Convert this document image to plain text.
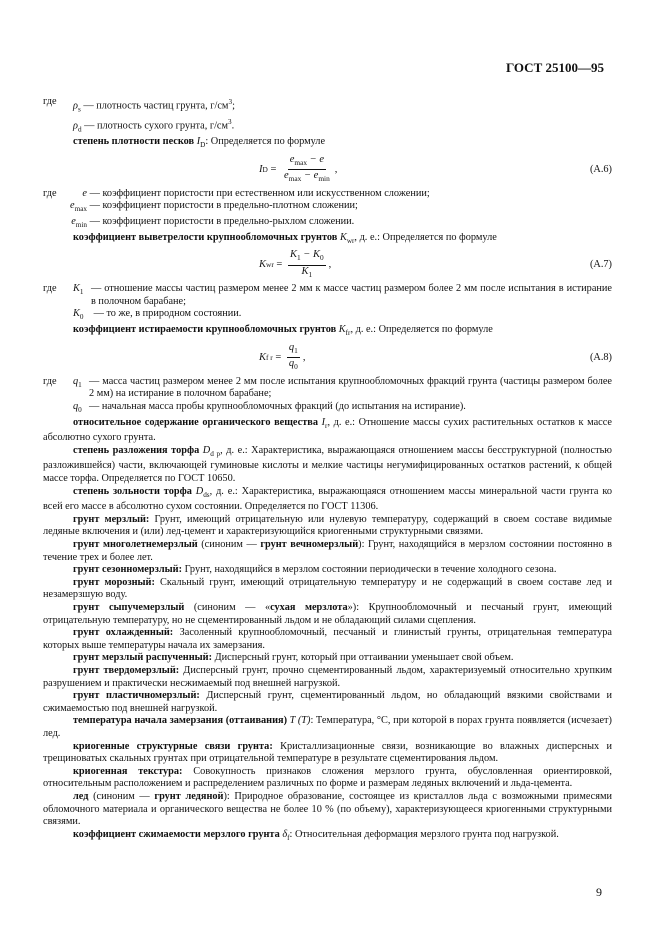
ГОСТ 25100—95
где	$\rho_s$ — плотность частиц грунта, $г/см^3$;
$\rho_d$ — плотность сухого грунта, $г/см^3$.

степень плотности песков $I_D$: Определяется по формуле

I $D = \frac{e_{max} - e}{e_{max} - e_{min}}$ ,	(А.6)
где	e — коэффициент пористости при естественном или искусственном сложении;
$e_{max}$ — коэффициент пористости в предельно-плотном сложении;
$e_{min}$ — коэффициент пористости в предельно-рыхлом сложении.

коэффициент выветрелости крупнообломочных грунтов $K_{wr}$, д. е.: Определяется по формуле

K wr = $\frac{K_1 - K_0}{K_1}$ ,	(А.7)
где	$K_1$ — отношение массы частиц размером менее 2 мм к массе частиц размером более 2 мм после испытания в истирание в полочном барабане;
$K_0$ — то же, в природном состоянии.

коэффициент истираемости крупнообломочных грунтов $K_{fr}$, д. е.: Определяется по формуле

K f $r = \frac{q_1}{q_0}$ ,	(А.8)
где	$q_1$ — масса частиц размером менее 2 мм после испытания крупнообломочных фракций грунта (частицы размером более 2 мм) на истирание в полочном барабане;
$q_0$ — начальная масса пробы крупнообломочных фракций (до испытания на истирание).

относительное содержание органического вещества $I_r$, д. е.: Отношение массы сухих растительных остатков к массе абсолютно сухого грунта.

степень разложения торфа $D_{d p}$, д. е.: Характеристика, выражающаяся отношением массы бесструктурной (полностью разложившейся) части, включающей гуминовые кислоты и мелкие частицы негумифицированных остатков растений, к общей массе торфа. Определяется по ГОСТ 10650.

степень зольности торфа $D_{ds}$, д. е.: Характеристика, выражающаяся отношением массы минеральной части грунта ко всей его массе в абсолютно сухом состоянии. Определяется по ГОСТ 11306.

грунт мерзлый: Грунт, имеющий отрицательную или нулевую температуру, содержащий в своем составе видимые ледяные включения и (или) лед-цемент и характеризующийся криогенными структурными связями.

грунт многолетнемерзлый (синоним — грунт вечномерзлый): Грунт, находящийся в мерзлом состоянии постоянно в течение трех и более лет.

грунт сезонномерзлый: Грунт, находящийся в мерзлом состоянии периодически в течение холодного сезона.

грунт морозный: Скальный грунт, имеющий отрицательную температуру и не содержащий в своем составе лед и незамерзшую воду.

грунт сыпучемерзлый (синоним — «сухая мерзлота»): Крупнообломочный и песчаный грунт, имеющий отрицательную температуру, но не сцементированный льдом и не обладающий силами сцепления.

грунт охлажденный: Засоленный крупнообломочный, песчаный и глинистый грунты, отрицательная температура которых выше температуры начала их замерзания.

грунт мерзлый распученный: Дисперсный грунт, который при оттаивании уменьшает свой объем.

грунт твердомерзлый: Дисперсный грунт, прочно сцементированный льдом, характеризуемый относительно хрупким разрушением и практически несжимаемый под внешней нагрузкой.

грунт пластичномерзлый: Дисперсный грунт, сцементированный льдом, но обладающий вязкими свойствами и сжимаемостью под внешней нагрузкой.

температура начала замерзания (оттаивания) T (T): Температура, °С, при которой в порах грунта появляется (исчезает) лед.

криогенные структурные связи грунта: Кристаллизационные связи, возникающие во влажных дисперсных и трещиноватых скальных грунтах при отрицательной температуре в результате сцементирования льдом.

криогенная текстура: Совокупность признаков сложения мерзлого грунта, обусловленная ориентировкой, относительным расположением и распределением различных по форме и размерам ледяных включений и льда-цемента.

лед (синоним — грунт ледяной): Природное образование, состоящее из кристаллов льда с возможными примесями обломочного материала и органического вещества не более 10 % (по объему), характеризующееся криогенными структурными связями.

коэффициент сжимаемости мерзлого грунта $\delta_f$: Относительная деформация мерзлого грунта под нагрузкой.

9
